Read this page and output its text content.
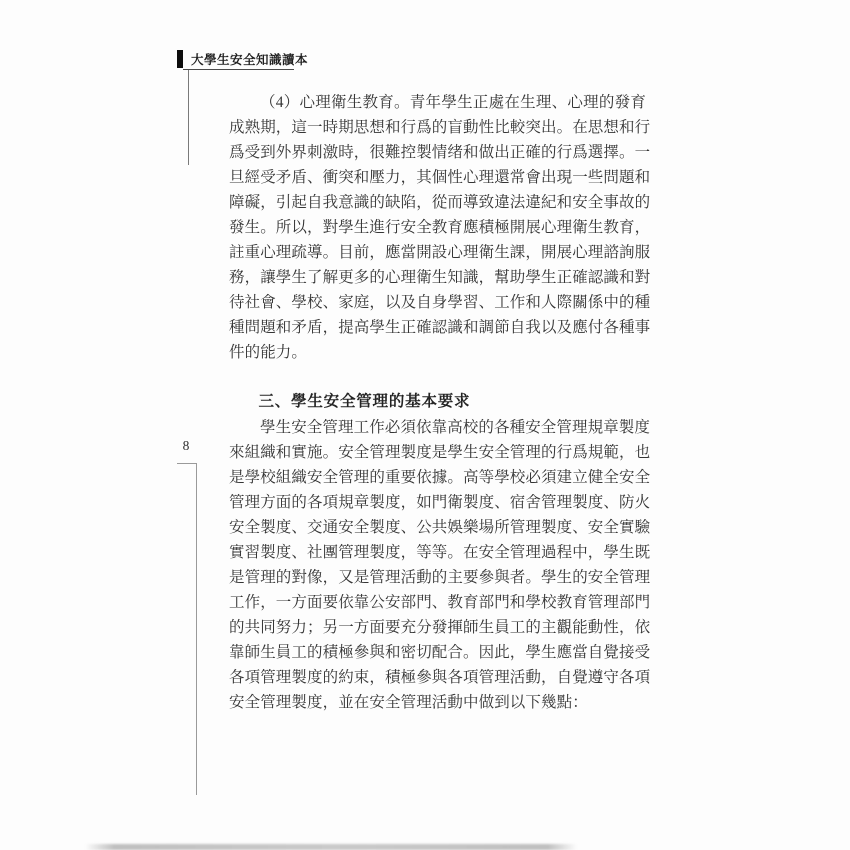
大學生安全知識讀本
8
（4）心理衛生教育。青年學生正處在生理、心理的發育
成熟期，這一時期思想和行爲的盲動性比較突出。在思想和行
爲受到外界刺激時，很難控製情绪和做出正確的行爲選擇。一
旦經受矛盾、衝突和壓力，其個性心理還常會出現一些問題和
障礙，引起自我意識的缺陷，從而導致違法違紀和安全事故的
發生。所以，對學生進行安全教育應積極開展心理衛生教育，
註重心理疏導。目前，應當開設心理衛生課，開展心理諮詢服
務，讓學生了解更多的心理衛生知識，幫助學生正確認識和對
待社會、學校、家庭，以及自身學習、工作和人際關係中的種
種問題和矛盾，提高學生正確認識和調節自我以及應付各種事
件的能力。
三、學生安全管理的基本要求
學生安全管理工作必須依靠高校的各種安全管理規章製度
來組織和實施。安全管理製度是學生安全管理的行爲規範，也
是學校組織安全管理的重要依據。高等學校必須建立健全安全
管理方面的各項規章製度，如門衛製度、宿舍管理製度、防火
安全製度、交通安全製度、公共娛樂場所管理製度、安全實驗
實習製度、社團管理製度，等等。在安全管理過程中，學生既
是管理的對像，又是管理活動的主要參與者。學生的安全管理
工作，一方面要依靠公安部門、教育部門和學校教育管理部門
的共同努力；另一方面要充分發揮師生員工的主觀能動性，依
靠師生員工的積極參與和密切配合。因此，學生應當自覺接受
各項管理製度的約束，積極參與各項管理活動，自覺遵守各項
安全管理製度，並在安全管理活動中做到以下幾點：
